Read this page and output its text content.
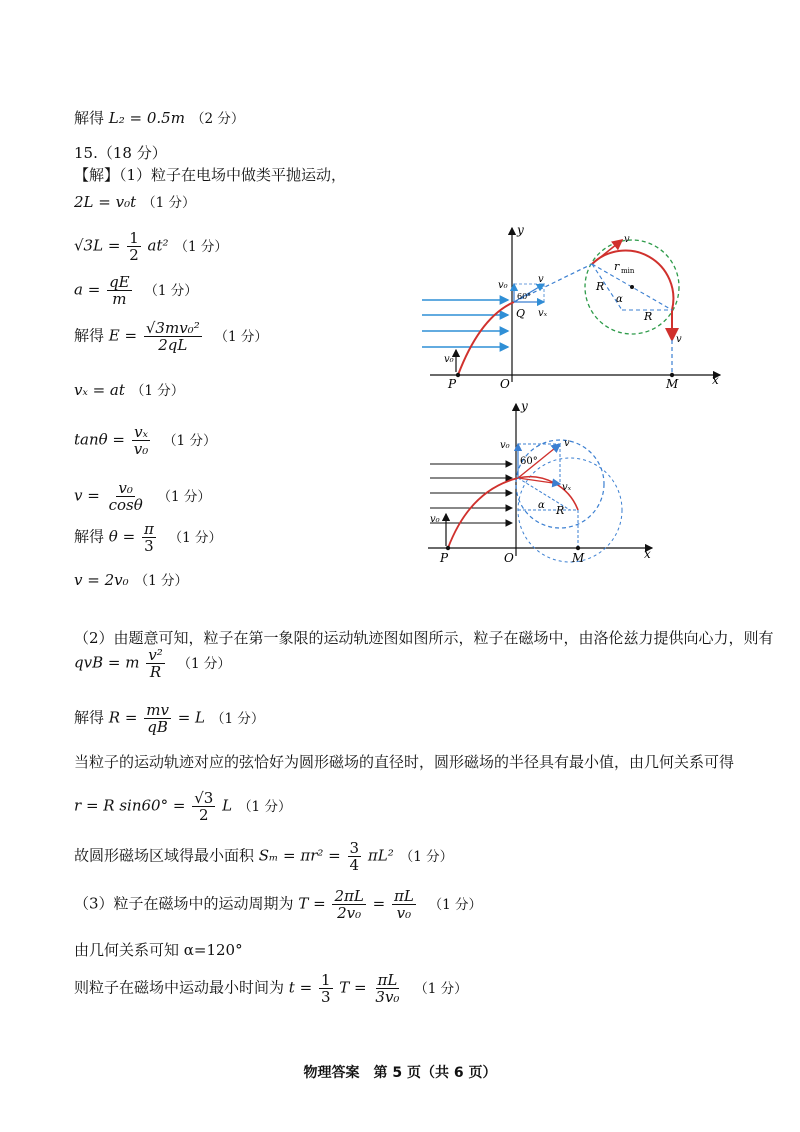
解得 L₂ = 0.5m （2 分）
15.（18 分）
【解】（1）粒子在电场中做类平抛运动，
2L = v₀t （1 分）
$√3L = \frac{1}{2} at^2$ （1 分）
$a = \frac{qE}{m} (1$ 分）
解得 $E = \frac{\text{√3mv₀²}}{2qL} (1$ 分）
vₓ = at （1 分）
$\tan\theta = \frac{\text{vₓ}}{\text{v₀}} (1$ 分）
$v = \frac{\text{v₀}}{\cos\theta} (1$ 分）
解得 $\theta = \frac{\pi}{3} (1$ 分）
v = 2v₀ （1 分）
（2）由题意可知，粒子在第一象限的运动轨迹图如图所示，粒子在磁场中，由洛伦兹力提供向心力，则有
qvB = m $\frac{\text{v²}}{R} (1$ 分）
解得 $R = \frac{mv}{qB} = L$ （1 分）
当粒子的运动轨迹对应的弦恰好为圆形磁场的直径时，圆形磁场的半径具有最小值，由几何关系可得
r = R $\sin 60^\circ = \frac{√3}{2}$ L （1 分）
故圆形磁场区域得最小面积 $S_m = \pi r^2 = \frac{3}{4} \pi L^2$ （1 分）
（3）粒子在磁场中的运动周期为 $T = \frac{2\pi L}{\text{2v₀}} = \frac{\pi L}{\text{v₀}} (1$ 分）
由几何关系可知 α=120°
则粒子在磁场中运动最小时间为 $t = \frac{1}{3}$ $T = \frac{\pi L}{\text{3v₀}} (1$ 分）
物理答案　第 5 页（共 6 页）
y
x
P	O	M
Q
v₀
v₀
v
v
v
vₓ
60°
r min
R
R
α
y
x
P	O	M
v₀
v₀
v
vₓ
60°
α R
